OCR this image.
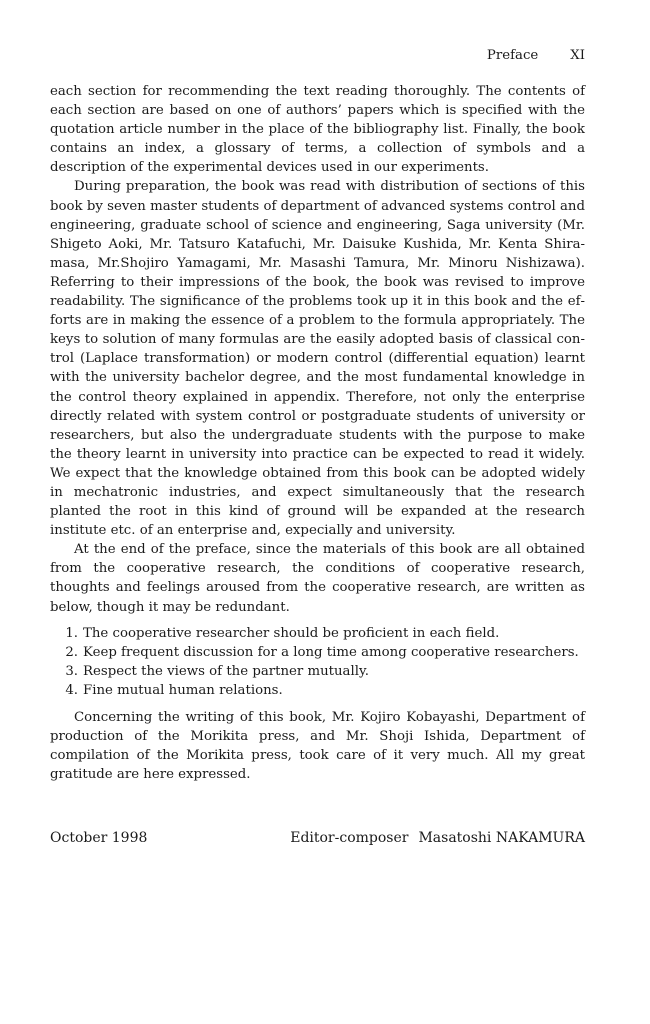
Preface XI

each section for recommending the text reading thoroughly. The contents of each section are based on one of authors’ papers which is specified with the quotation article number in the place of the bibliography list. Finally, the book contains an index, a glossary of terms, a collection of symbols and a description of the experimental devices used in our experiments.

During preparation, the book was read with distribution of sections of this book by seven master students of department of advanced systems control and engineering, graduate school of science and engineering, Saga university (Mr. Shigeto Aoki, Mr. Tatsuro Katafuchi, Mr. Daisuke Kushida, Mr. Kenta Shiramasa, Mr.Shojiro Yamagami, Mr. Masashi Tamura, Mr. Minoru Nishizawa). Referring to their impressions of the book, the book was revised to improve readability. The significance of the problems took up it in this book and the efforts are in making the essence of a problem to the formula appropriately. The keys to solution of many formulas are the easily adopted basis of classical control (Laplace transformation) or modern control (differential equation) learnt with the university bachelor degree, and the most fundamental knowledge in the control theory explained in appendix. Therefore, not only the enterprise directly related with system control or postgraduate students of university or researchers, but also the undergraduate students with the purpose to make the theory learnt in university into practice can be expected to read it widely. We expect that the knowledge obtained from this book can be adopted widely in mechatronic industries, and expect simultaneously that the research planted the root in this kind of ground will be expanded at the research institute etc. of an enterprise and, expecially and university.

At the end of the preface, since the materials of this book are all obtained from the cooperative research, the conditions of cooperative research, thoughts and feelings aroused from the cooperative research, are written as below, though it may be redundant.

1. The cooperative researcher should be proficient in each field.
2. Keep frequent discussion for a long time among cooperative researchers.
3. Respect the views of the partner mutually.
4. Fine mutual human relations.

Concerning the writing of this book, Mr. Kojiro Kobayashi, Department of production of the Morikita press, and Mr. Shoji Ishida, Department of compilation of the Morikita press, took care of it very much. All my great gratitude are here expressed.

October 1998	Editor-composer Masatoshi NAKAMURA
